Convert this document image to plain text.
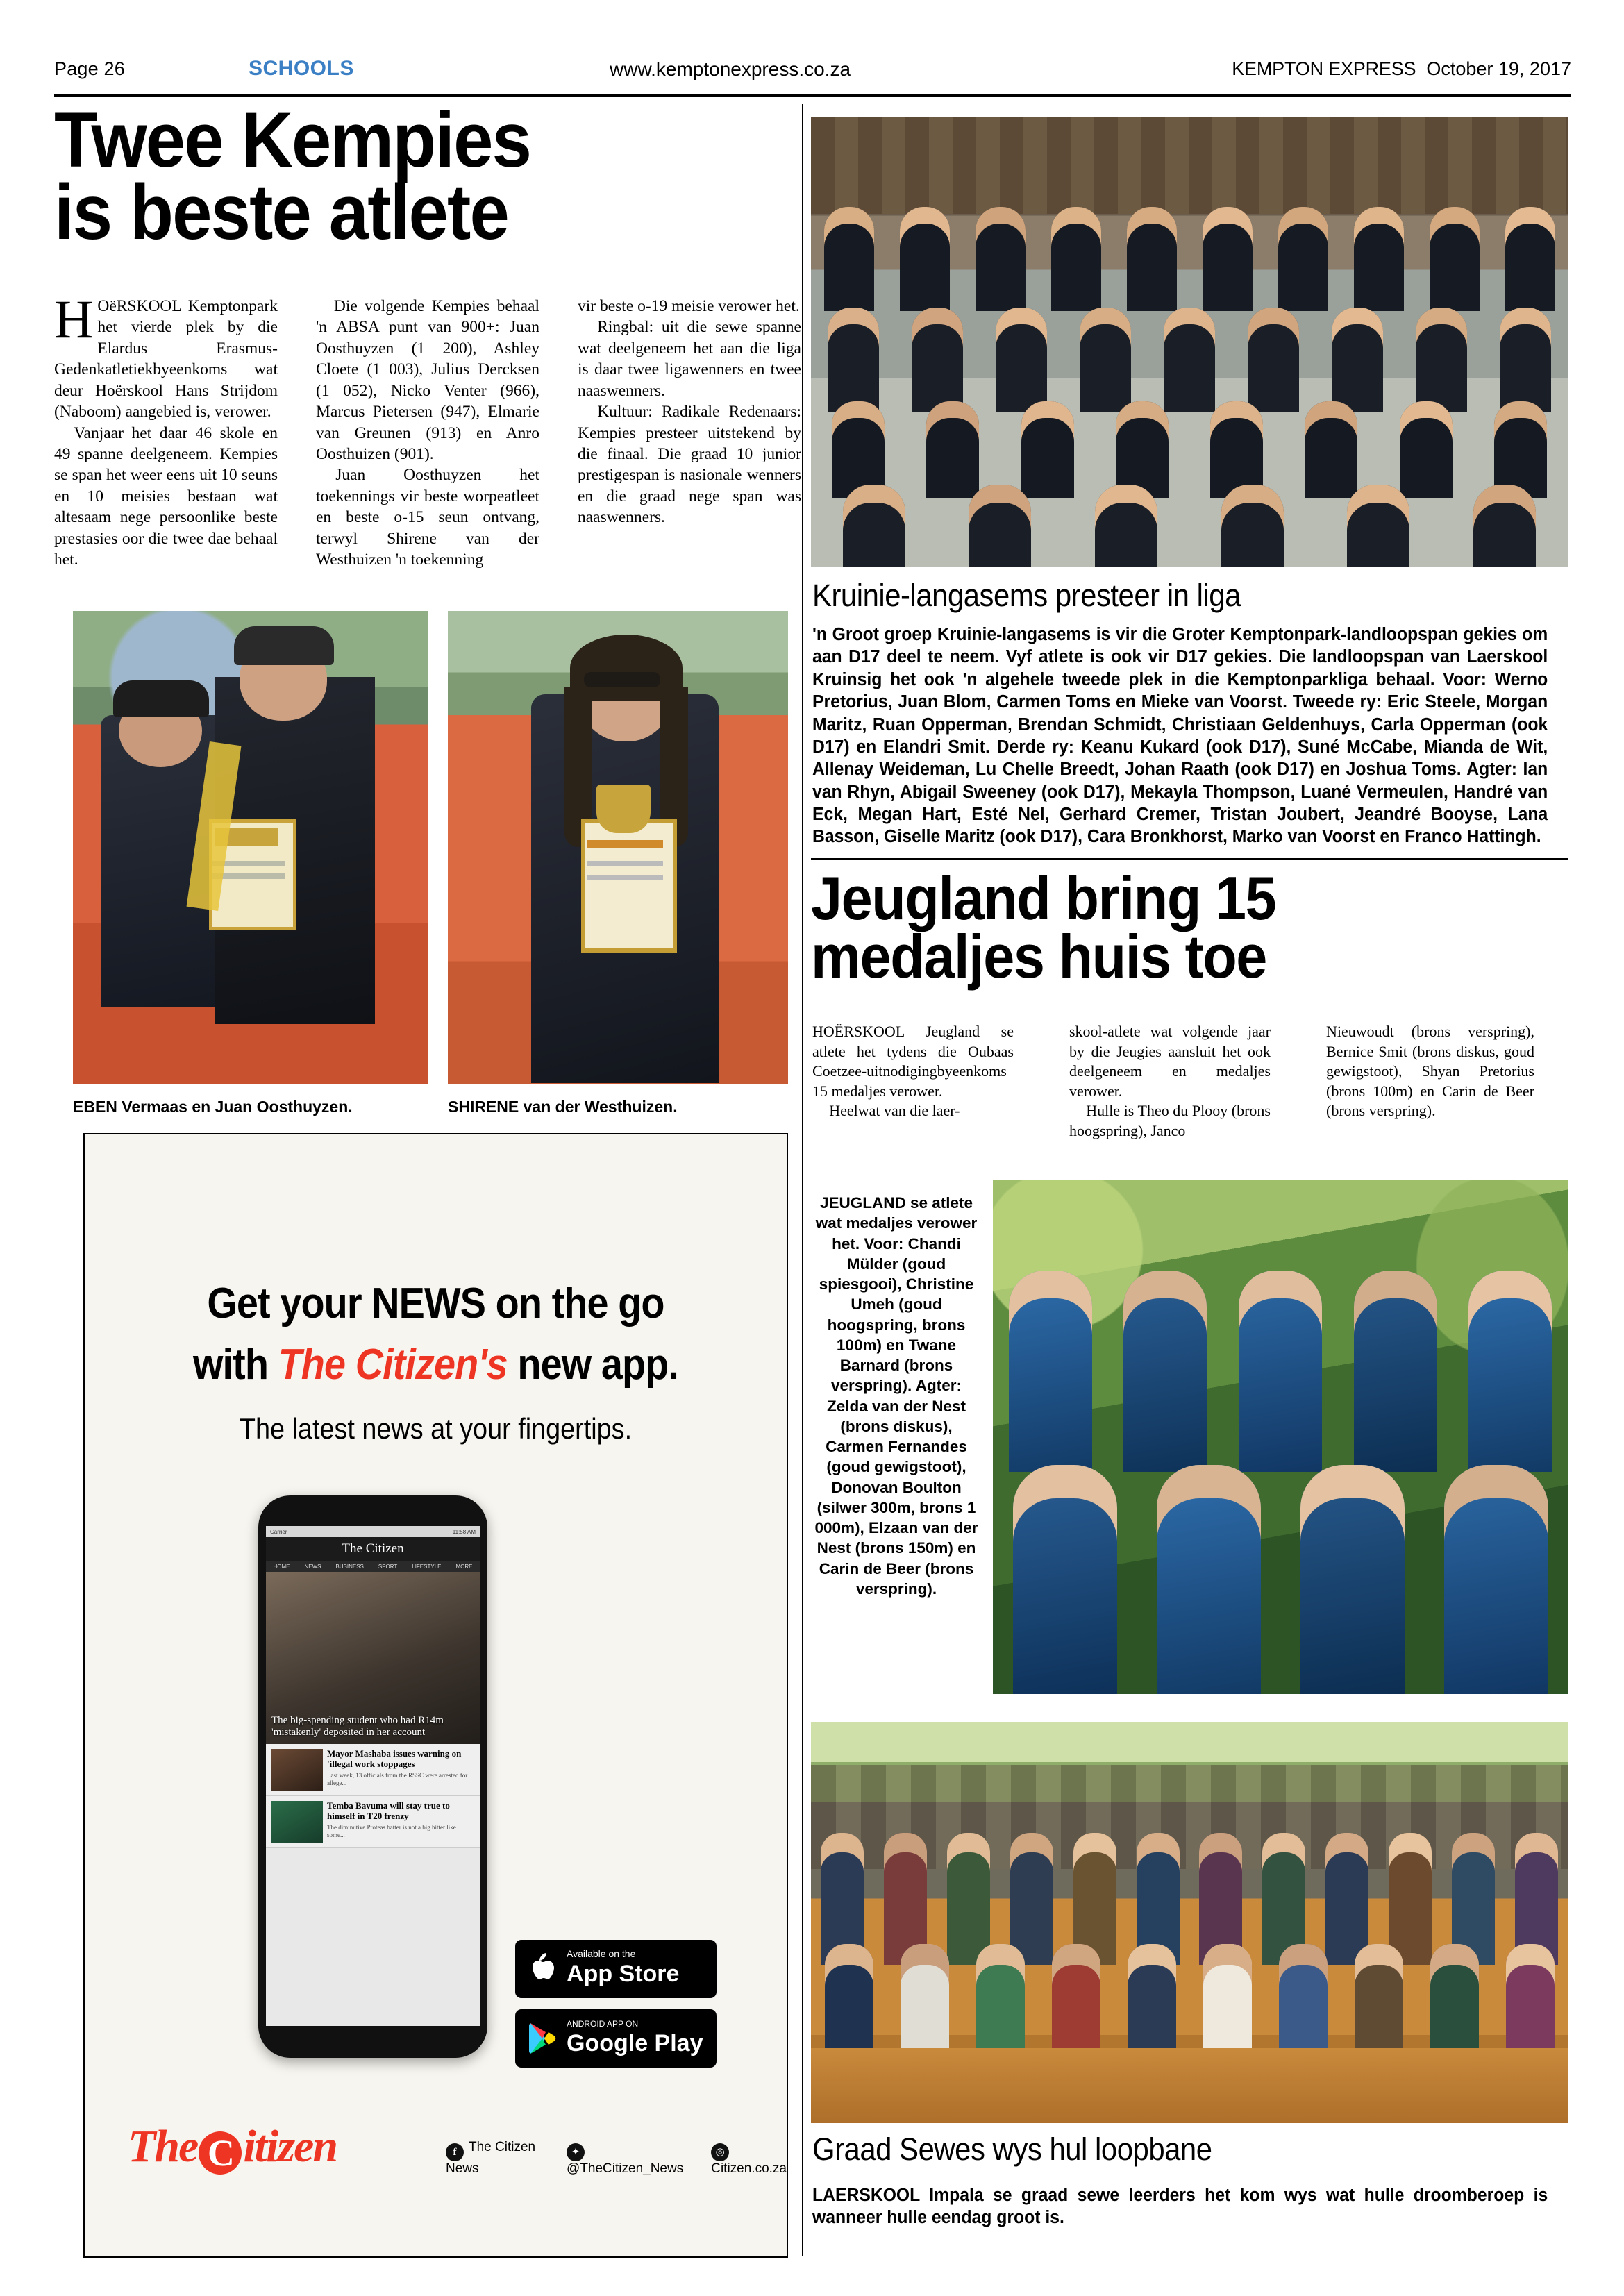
Page 26	SCHOOLS	www.kemptonexpress.co.za	KEMPTON EXPRESS October 19, 2017
Twee Kempies
is beste atlete

H OëRSKOOL Kemptonpark het vierde plek by die Elardus Erasmus- Gedenkatletiekbyeenkoms wat deur Hoërskool Hans Strijdom (Naboom) aangebied is, verower.

Vanjaar het daar 46 skole en 49 spanne deelgeneem. Kempies se span het weer eens uit 10 seuns en 10 meisies bestaan wat altesaam nege persoonlike beste prestasies oor die twee dae behaal het.

Die volgende Kempies behaal 'n ABSA punt van 900+: Juan Oosthuyzen (1 200), Ashley Cloete (1 003), Julius Dercksen (1 052), Nicko Venter (966), Marcus Pietersen (947), Elmarie van Greunen (913) en Anro Oosthuizen (901).

Juan Oosthuyzen het toekennings vir beste worpeatleet en beste o-15 seun ontvang, terwyl Shirene van der Westhuizen 'n toekenning

vir beste o-19 meisie verower het.

Ringbal: uit die sewe spanne wat deelgeneem het aan die liga is daar twee ligawenners en twee naaswenners.

Kultuur: Radikale Redenaars: Kempies presteer uitstekend by die finaal. Die graad 10 junior prestigespan is nasionale wenners en die graad nege span was naaswenners.

EBEN Vermaas en Juan Oosthuyzen.	SHIRENE van der Westhuizen.
Get your NEWS on the go
with The Citizen's new app.
The latest news at your fingertips.
Carrier	11:58 AM
The Citizen
HOME	NEWS	BUSINESS	SPORT	LIFESTYLE	MORE
The big-spending student who had R14m 'mistakenly' deposited in her account
Mayor Mashaba issues warning on 'illegal work stoppages
Last week, 13 officials from the RSSC were arrested for allege...
Temba Bavuma will stay true to himself in T20 frenzy
The diminutive Proteas batter is not a big hitter like some...
Available on the
App Store
ANDROID APP ON
Google Play
The C itizen	f The Citizen News
✦@TheCitizen_News
◎Citizen.co.za
Kruinie-langasems presteer in liga
'n Groot groep Kruinie-langasems is vir die Groter Kemptonpark-landloopspan gekies om aan D17 deel te neem. Vyf atlete is ook vir D17 gekies. Die landloopspan van Laerskool Kruinsig het ook 'n algehele tweede plek in die Kemptonparkliga behaal. Voor: Werno Pretorius, Juan Blom, Carmen Toms en Mieke van Voorst. Tweede ry: Eric Steele, Morgan Maritz, Ruan Opperman, Brendan Schmidt, Christiaan Geldenhuys, Carla Opperman (ook D17) en Elandri Smit. Derde ry: Keanu Kukard (ook D17), Suné McCabe, Mianda de Wit, Allenay Weideman, Lu Chelle Breedt, Johan Raath (ook D17) en Joshua Toms. Agter: Ian van Rhyn, Abigail Sweeney (ook D17), Mekayla Thompson, Luané Vermeulen, Handré van Eck, Megan Hart, Esté Nel, Gerhard Cremer, Tristan Joubert, Jeandré Booyse, Lana Basson, Giselle Maritz (ook D17), Cara Bronkhorst, Marko van Voorst en Franco Hattingh.
Jeugland bring 15
medaljes huis toe

HOËRSKOOL Jeugland se atlete het tydens die Oubaas Coetzee-uitnodigingbyeenkoms 15 medaljes verower.

Heelwat van die laer-

skool-atlete wat volgende jaar by die Jeugies aansluit het ook deelgeneem en medaljes verower.

Hulle is Theo du Plooy (brons hoogspring), Janco

Nieuwoudt (brons verspring), Bernice Smit (brons diskus, goud gewigstoot), Shyan Pretorius (brons 100m) en Carin de Beer (brons verspring).

JEUGLAND se atlete wat medaljes verower het. Voor: Chandi Mülder (goud spiesgooi), Christine Umeh (goud hoogspring, brons 100m) en Twane Barnard (brons verspring). Agter: Zelda van der Nest (brons diskus), Carmen Fernandes (goud gewigstoot), Donovan Boulton (silwer 300m, brons 1 000m), Elzaan van der Nest (brons 150m) en Carin de Beer (brons verspring).
Graad Sewes wys hul loopbane
LAERSKOOL Impala se graad sewe leerders het kom wys wat hulle droomberoep is wanneer hulle eendag groot is.
